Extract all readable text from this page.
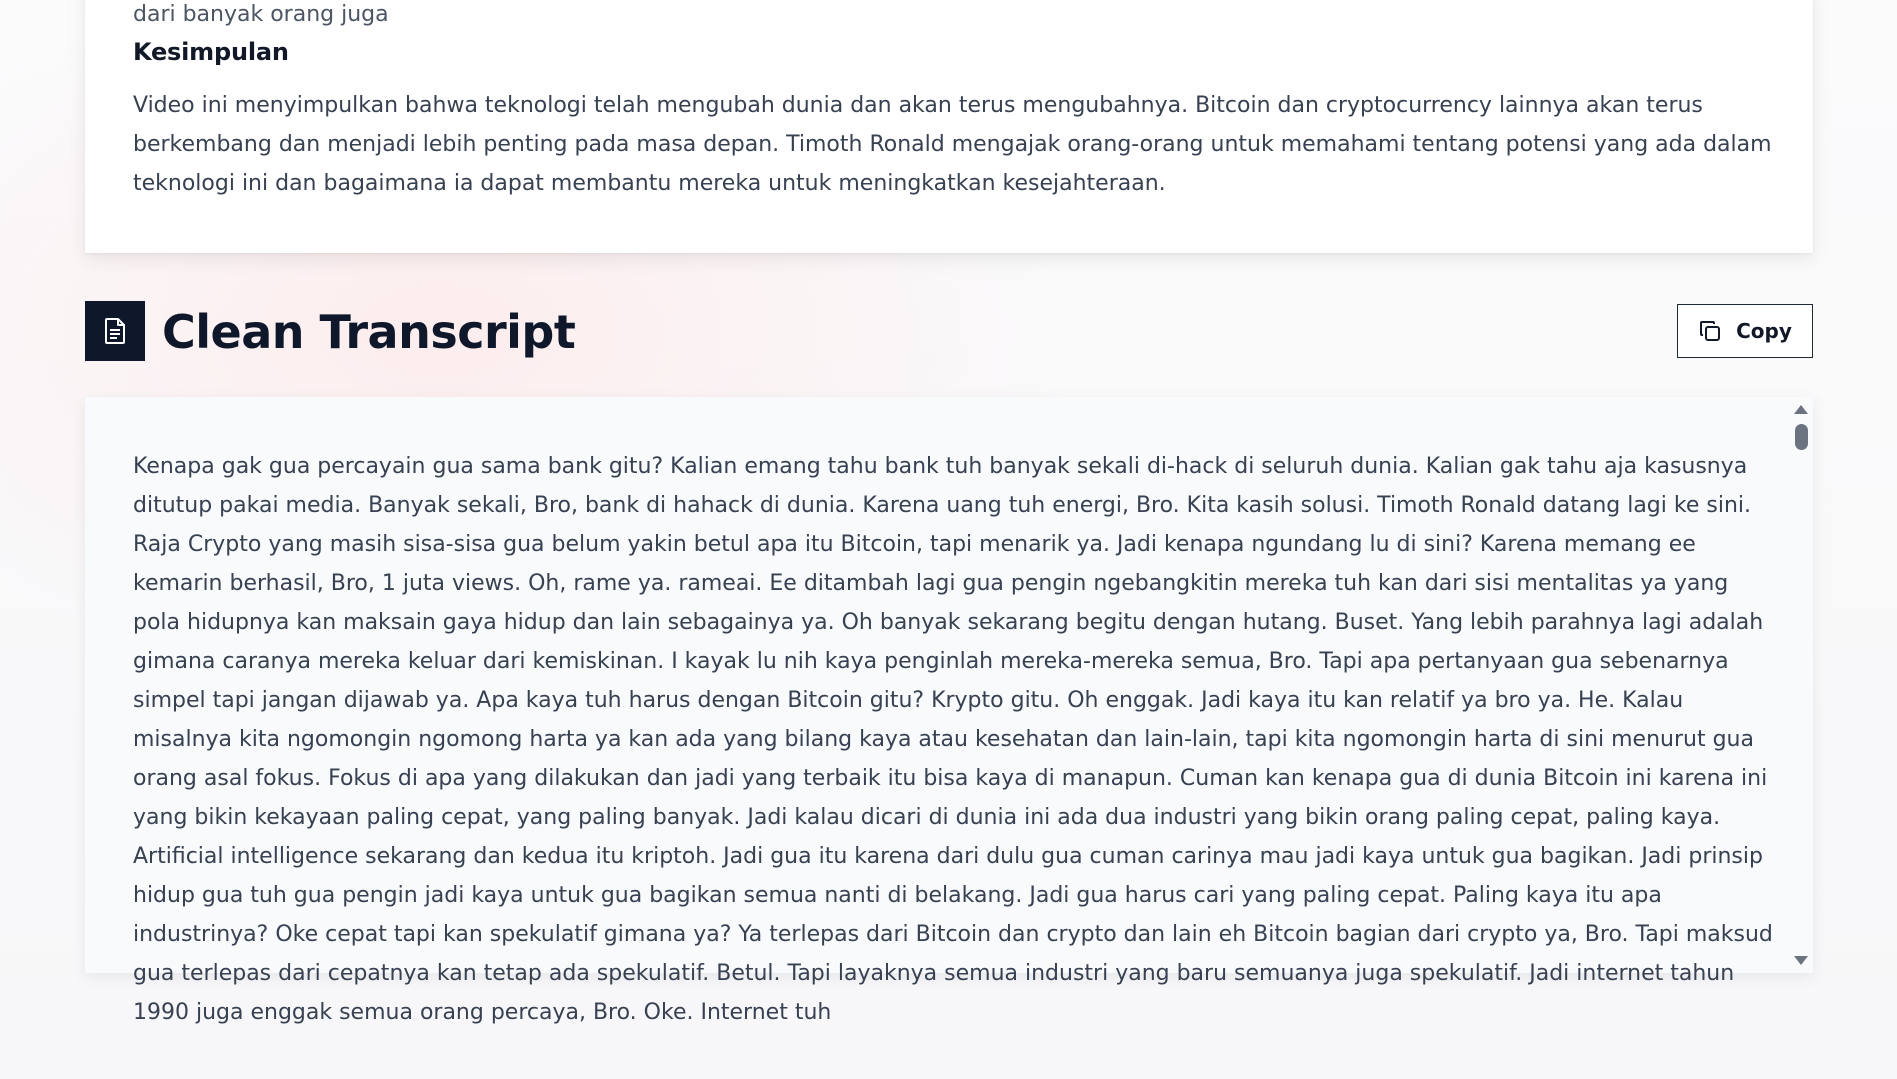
dari banyak orang juga
Kesimpulan

Video ini menyimpulkan bahwa teknologi telah mengubah dunia dan akan terus mengubahnya. Bitcoin dan cryptocurrency lainnya akan terus berkembang dan menjadi lebih penting pada masa depan. Timoth Ronald mengajak orang-orang untuk memahami tentang potensi yang ada dalam teknologi ini dan bagaimana ia dapat membantu mereka untuk meningkatkan kesejahteraan.

Clean Transcript	Copy

Kenapa gak gua percayain gua sama bank gitu? Kalian emang tahu bank tuh banyak sekali di-hack di seluruh dunia. Kalian gak tahu aja kasusnya ditutup pakai media. Banyak sekali, Bro, bank di hahack di dunia. Karena uang tuh energi, Bro. Kita kasih solusi. Timoth Ronald datang lagi ke sini. Raja Crypto yang masih sisa-sisa gua belum yakin betul apa itu Bitcoin, tapi menarik ya. Jadi kenapa ngundang lu di sini? Karena memang ee kemarin berhasil, Bro, 1 juta views. Oh, rame ya. rameai. Ee ditambah lagi gua pengin ngebangkitin mereka tuh kan dari sisi mentalitas ya yang pola hidupnya kan maksain gaya hidup dan lain sebagainya ya. Oh banyak sekarang begitu dengan hutang. Buset. Yang lebih parahnya lagi adalah gimana caranya mereka keluar dari kemiskinan. I kayak lu nih kaya penginlah mereka-mereka semua, Bro. Tapi apa pertanyaan gua sebenarnya simpel tapi jangan dijawab ya. Apa kaya tuh harus dengan Bitcoin gitu? Krypto gitu. Oh enggak. Jadi kaya itu kan relatif ya bro ya. He. Kalau misalnya kita ngomongin ngomong harta ya kan ada yang bilang kaya atau kesehatan dan lain-lain, tapi kita ngomongin harta di sini menurut gua orang asal fokus. Fokus di apa yang dilakukan dan jadi yang terbaik itu bisa kaya di manapun. Cuman kan kenapa gua di dunia Bitcoin ini karena ini yang bikin kekayaan paling cepat, yang paling banyak. Jadi kalau dicari di dunia ini ada dua industri yang bikin orang paling cepat, paling kaya. Artificial intelligence sekarang dan kedua itu kriptoh. Jadi gua itu karena dari dulu gua cuman carinya mau jadi kaya untuk gua bagikan. Jadi prinsip hidup gua tuh gua pengin jadi kaya untuk gua bagikan semua nanti di belakang. Jadi gua harus cari yang paling cepat. Paling kaya itu apa industrinya? Oke cepat tapi kan spekulatif gimana ya? Ya terlepas dari Bitcoin dan crypto dan lain eh Bitcoin bagian dari crypto ya, Bro. Tapi maksud gua terlepas dari cepatnya kan tetap ada spekulatif. Betul. Tapi layaknya semua industri yang baru semuanya juga spekulatif. Jadi internet tahun 1990 juga enggak semua orang percaya, Bro. Oke. Internet tuh
